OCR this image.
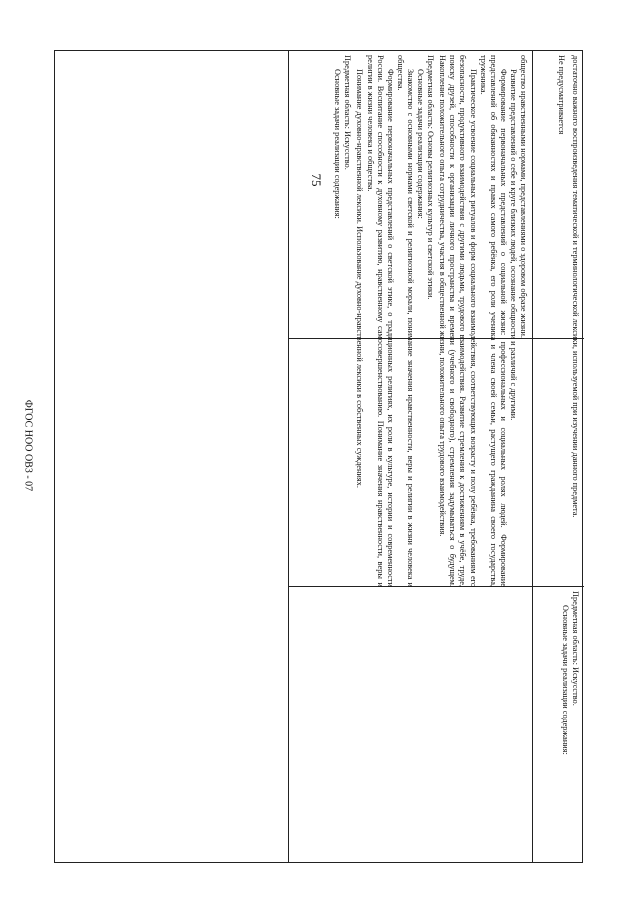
75
ФГОС НОО ОВЗ - 07

общество нравственными нормами, представлениями о здоровом образе жизни.

Развитие представлений о себе и круге близких людей, осознание общности и различий с другими.

Формирование первоначальных представлений о социальной жизни: профессиональных и социальных ролях людей. Формирование представлений об обязанностях и правах самого ребёнка, его роли ученика и члена своей семьи, растущего гражданина своего государства, труженика.

Практическое усвоение социальных ритуалов и форм социального взаимодействия, соответствующих возрасту и полу ребёнка, требованиям его безопасности, продуктивного взаимодействия с другими людьми, трудового взаимодействия. Развитие стремления к достижениям в учёбе, труде, поиску друзей, способности к организации личного пространства и времени (учебного и свободного), стремления задумываться о будущем. Накопление положительного опыта сотрудничества, участия в общественной жизни, положительного опыта трудового взаимодействия.

Предметная область: Основы религиозных культур и светской этики.

Основные задачи реализации содержания:

Знакомство с основными нормами светской и религиозной морали, понимание значения нравственности, веры и религии в жизни человека и общества.

Формирование первоначальных представлений о светской этике, о традиционных религиях, их роли в культуре, истории и современности России. Воспитание способности к духовному развитию, нравственному самосовершенствованию. Понимание значения нравственности, веры и религии в жизни человека и общества.

Понимание духовно-нравственной лексики. Использование духовно-нравственной лексики в собственных суждениях.

Предметная область: Искусство.

Основные задачи реализации содержания:	достаточно важного воспроизведения тематической и терминологической лексики, используемой при изучении данного предмета.

Не предусматривается

Предметная область: Искусство.

Основные задачи реализации содержания:
